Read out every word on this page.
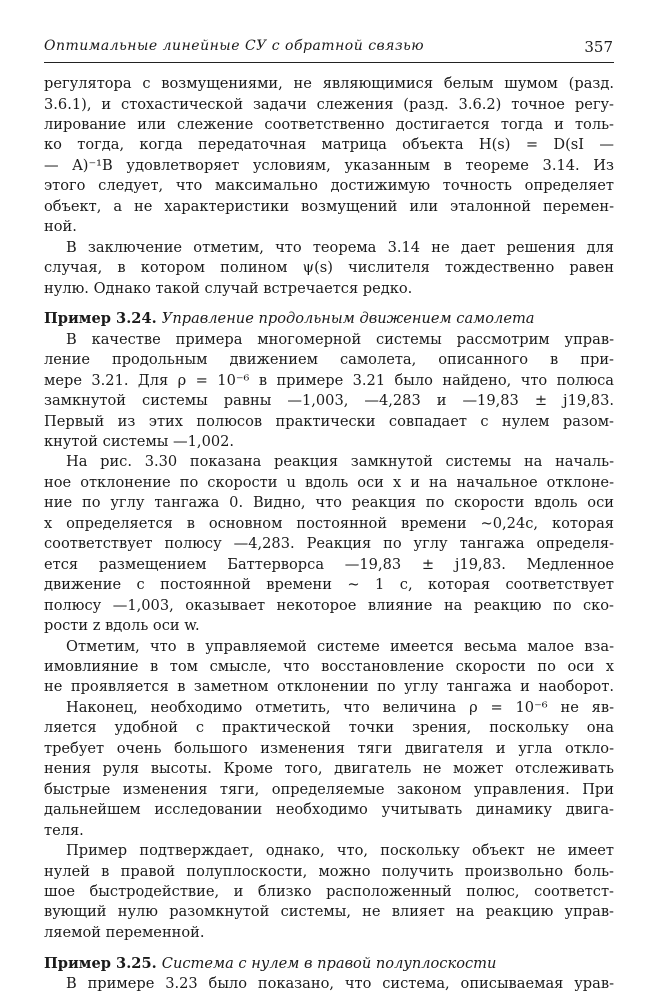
Оптимальные линейные СУ с обратной связью	357
регулятора с возмущениями, не являющимися белым шумом (разд.
3.6.1), и стохастической задачи слежения (разд. 3.6.2) точное регу-
лирование или слежение соответственно достигается тогда и толь-
ко тогда, когда передаточная матрица объекта H(s) = D(sI —
— A)⁻¹B удовлетворяет условиям, указанным в теореме 3.14. Из
этого следует, что максимально достижимую точность определяет
объект, а не характеристики возмущений или эталонной перемен-
ной.
В заключение отметим, что теорема 3.14 не дает решения для
случая, в котором полином ψ(s) числителя тождественно равен
нулю. Однако такой случай встречается редко.
Пример 3.24. Управление продольным движением самолета
В качестве примера многомерной системы рассмотрим управ-
ление продольным движением самолета, описанного в при-
мере 3.21. Для ρ = 10⁻⁶ в примере 3.21 было найдено, что полюса
замкнутой системы равны —1,003, —4,283 и —19,83 ± j19,83.
Первый из этих полюсов практически совпадает с нулем разом-
кнутой системы —1,002.
На рис. 3.30 показана реакция замкнутой системы на началь-
ное отклонение по скорости u вдоль оси x и на начальное отклоне-
ние по углу тангажа 0. Видно, что реакция по скорости вдоль оси
x определяется в основном постоянной времени ~0,24с, которая
соответствует полюсу —4,283. Реакция по углу тангажа определя-
ется размещением Баттерворса —19,83 ± j19,83. Медленное
движение с постоянной времени ~ 1 с, которая соответствует
полюсу —1,003, оказывает некоторое влияние на реакцию по ско-
рости z вдоль оси w.
Отметим, что в управляемой системе имеется весьма малое вза-
имовлияние в том смысле, что восстановление скорости по оси x
не проявляется в заметном отклонении по углу тангажа и наоборот.
Наконец, необходимо отметить, что величина ρ = 10⁻⁶ не яв-
ляется удобной с практической точки зрения, поскольку она
требует очень большого изменения тяги двигателя и угла откло-
нения руля высоты. Кроме того, двигатель не может отслеживать
быстрые изменения тяги, определяемые законом управления. При
дальнейшем исследовании необходимо учитывать динамику двига-
теля.
Пример подтверждает, однако, что, поскольку объект не имеет
нулей в правой полуплоскости, можно получить произвольно боль-
шое быстродействие, и близко расположенный полюс, соответст-
вующий нулю разомкнутой системы, не влияет на реакцию управ-
ляемой переменной.
Пример 3.25. Система с нулем в правой полуплоскости
В примере 3.23 было показано, что система, описываемая урав-
